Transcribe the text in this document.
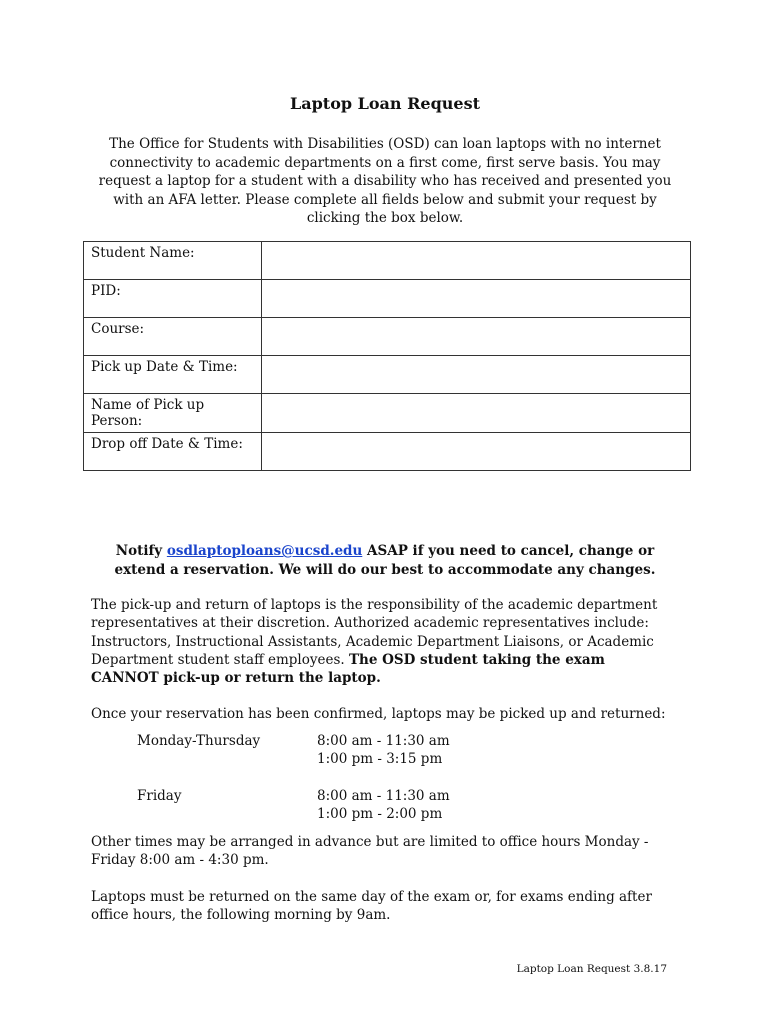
Laptop Loan Request
The Office for Students with Disabilities (OSD) can loan laptops with no internet connectivity to academic departments on a first come, first serve basis. You may request a laptop for a student with a disability who has received and presented you with an AFA letter. Please complete all fields below and submit your request by clicking the box below.
Student Name:	
PID:	
Course:	
Pick up Date & Time:	
Name of Pick up Person:	
Drop off Date & Time:	
Notify osdlaptoploans@ucsd.edu ASAP if you need to cancel, change or extend a reservation. We will do our best to accommodate any changes.
The pick-up and return of laptops is the responsibility of the academic department representatives at their discretion. Authorized academic representatives include: Instructors, Instructional Assistants, Academic Department Liaisons, or Academic Department student staff employees. The OSD student taking the exam CANNOT pick-up or return the laptop.
Once your reservation has been confirmed, laptops may be picked up and returned:
Monday-Thursday	8:00 am - 11:30 am
1:00 pm - 3:15 pm
Friday	8:00 am - 11:30 am
1:00 pm - 2:00 pm
Other times may be arranged in advance but are limited to office hours Monday - Friday 8:00 am - 4:30 pm.
Laptops must be returned on the same day of the exam or, for exams ending after office hours, the following morning by 9am.
Laptop Loan Request 3.8.17
